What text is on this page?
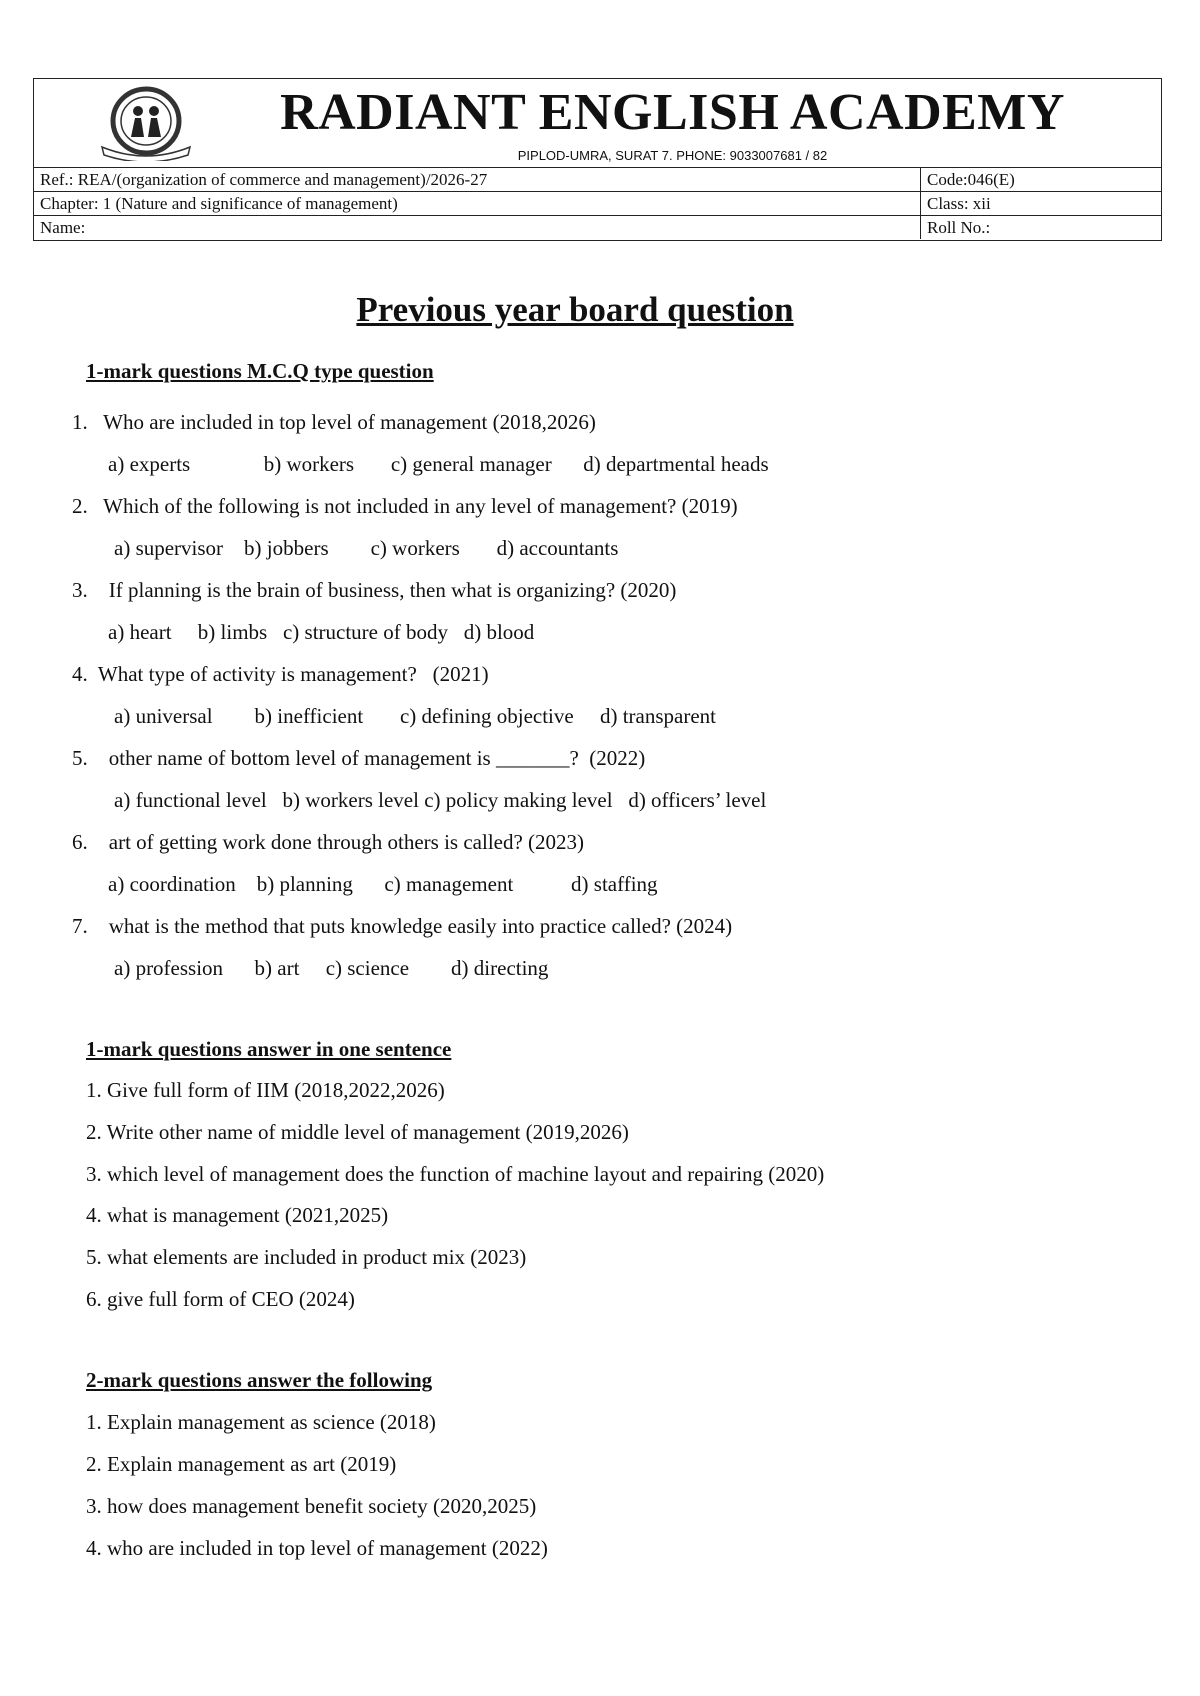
RADIANT ENGLISH ACADEMY
PIPLOD-UMRA, SURAT 7. PHONE: 9033007681 / 82
Ref.: REA/(organization of commerce and management)/2026-27	Code:046(E)
Chapter: 1 (Nature and significance of management)	Class: xii
Name:	Roll No.:
Previous year board question
1-mark questions M.C.Q type question
1.   Who are included in top level of management (2018,2026)
a) experts              b) workers       c) general manager      d) departmental heads
2.   Which of the following is not included in any level of management? (2019)
a) supervisor    b) jobbers        c) workers       d) accountants
3.    If planning is the brain of business, then what is organizing? (2020)
a) heart     b) limbs   c) structure of body   d) blood
4.  What type of activity is management?   (2021)
a) universal        b) inefficient       c) defining objective     d) transparent
5.    other name of bottom level of management is _______?  (2022)
a) functional level   b) workers level c) policy making level   d) officers’ level
6.    art of getting work done through others is called? (2023)
a) coordination    b) planning      c) management           d) staffing
7.    what is the method that puts knowledge easily into practice called? (2024)
a) profession      b) art     c) science        d) directing
1-mark questions answer in one sentence
1. Give full form of IIM (2018,2022,2026)
2. Write other name of middle level of management (2019,2026)
3. which level of management does the function of machine layout and repairing (2020)
4. what is management (2021,2025)
5. what elements are included in product mix (2023)
6. give full form of CEO (2024)
2-mark questions answer the following
1. Explain management as science (2018)
2. Explain management as art (2019)
3. how does management benefit society (2020,2025)
4. who are included in top level of management (2022)
